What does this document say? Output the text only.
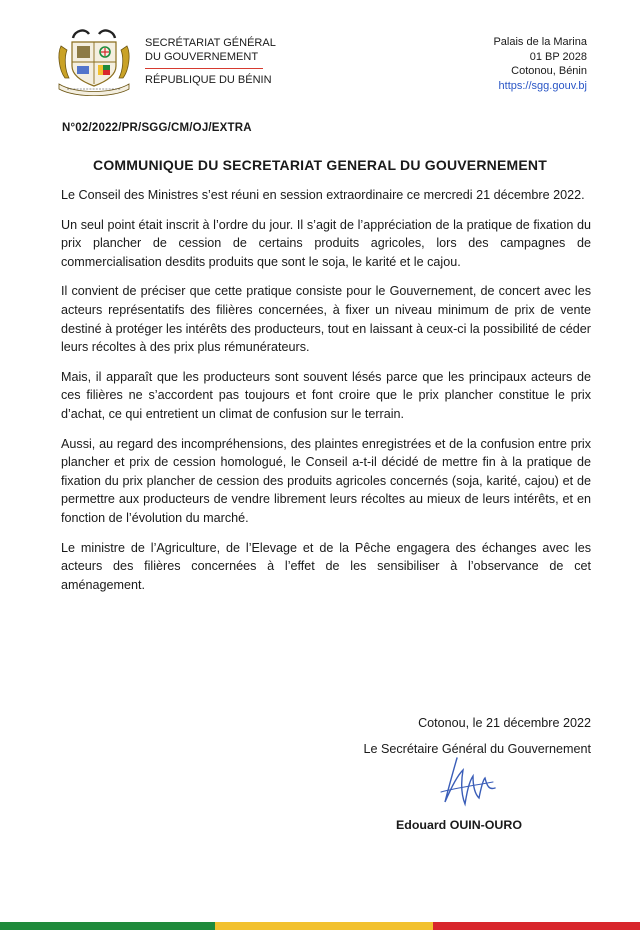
SECRÉTARIAT GÉNÉRAL
DU GOUVERNEMENT
RÉPUBLIQUE DU BÉNIN
Palais de la Marina
01 BP 2028
Cotonou, Bénin
https://sgg.gouv.bj
N°02/2022/PR/SGG/CM/OJ/EXTRA
COMMUNIQUE DU SECRETARIAT GENERAL DU GOUVERNEMENT

Le Conseil des Ministres s’est réuni en session extraordinaire ce mercredi 21 décembre 2022.

Un seul point était inscrit à l’ordre du jour. Il s’agit de l’appréciation de la pratique de fixation du prix plancher de cession de certains produits agricoles, lors des campagnes de commercialisation desdits produits que sont le soja, le karité et le cajou.

Il convient de préciser que cette pratique consiste pour le Gouvernement, de concert avec les acteurs représentatifs des filières concernées, à fixer un niveau minimum de prix de vente destiné à protéger les intérêts des producteurs, tout en laissant à ceux-ci la possibilité de céder leurs récoltes à des prix plus rémunérateurs.

Mais, il apparaît que les producteurs sont souvent lésés parce que les principaux acteurs de ces filières ne s’accordent pas toujours et font croire que le prix plancher constitue le prix d’achat, ce qui entretient un climat de confusion sur le terrain.

Aussi, au regard des incompréhensions, des plaintes enregistrées et de la confusion entre prix plancher et prix de cession homologué, le Conseil a-t-il décidé de mettre fin à la pratique de fixation du prix plancher de cession des produits agricoles concernés (soja, karité, cajou) et de permettre aux producteurs de vendre librement leurs récoltes au mieux de leurs intérêts, et en fonction de l’évolution du marché.

Le ministre de l’Agriculture, de l’Elevage et de la Pêche engagera des échanges avec les acteurs des filières concernées à l’effet de les sensibiliser à l’observance de cet aménagement.

Cotonou, le 21 décembre 2022
Le Secrétaire Général du Gouvernement
Edouard OUIN-OURO
